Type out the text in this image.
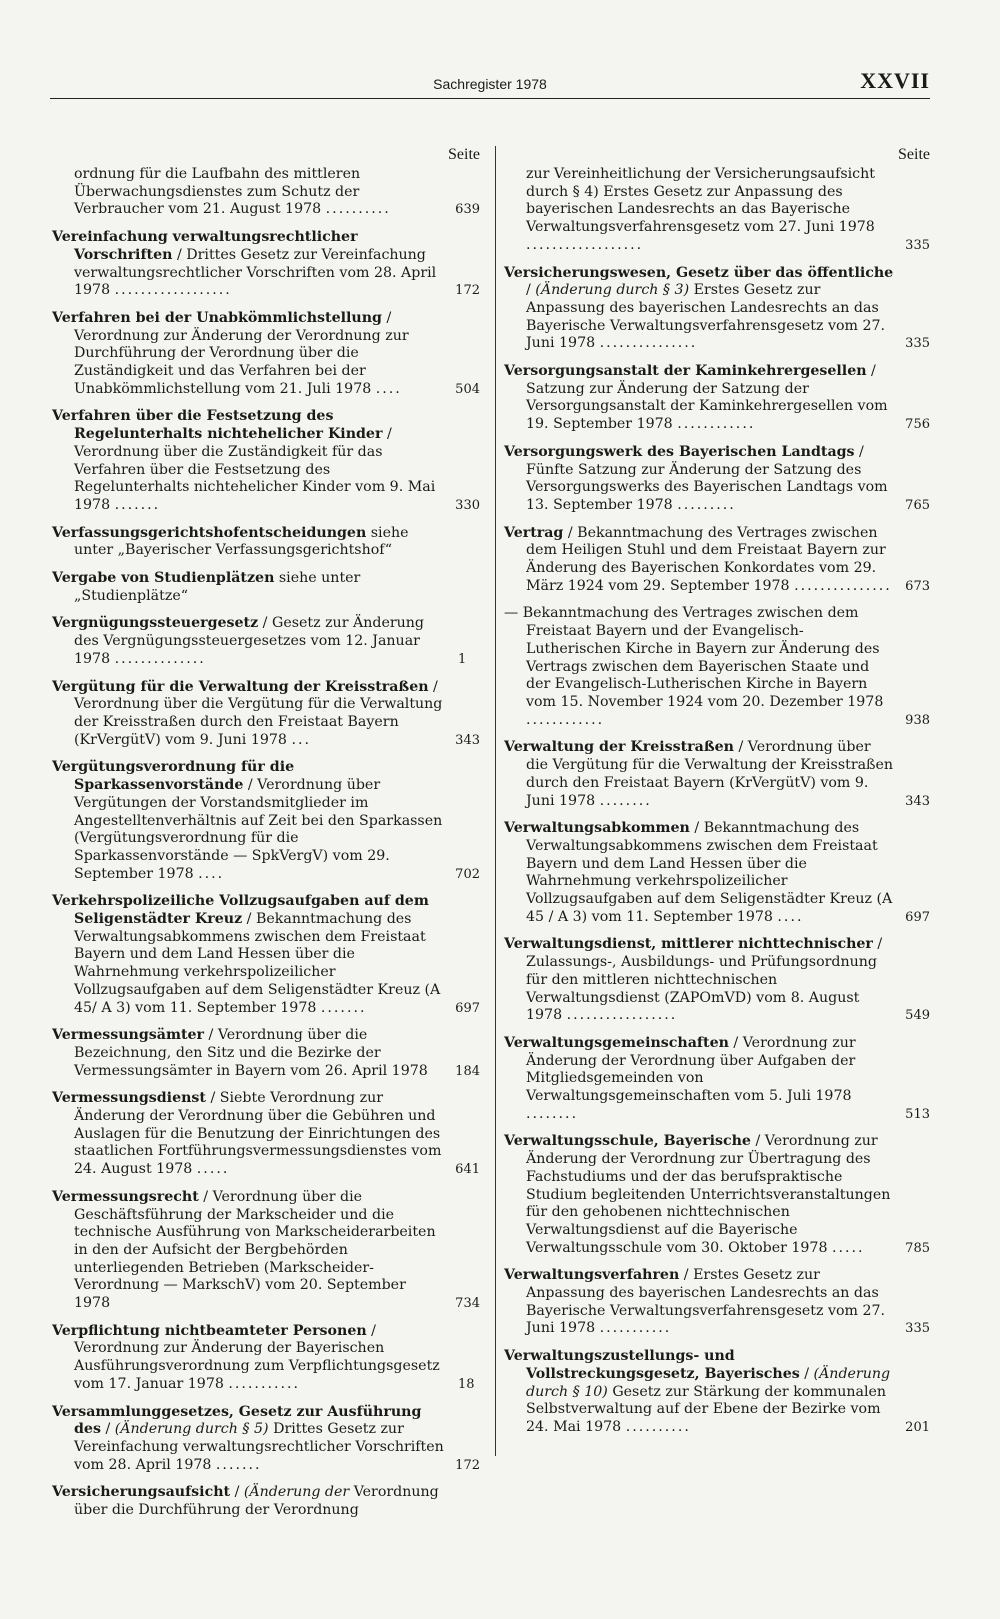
Sachregister 1978	XXVII
Seite
ordnung für die Laufbahn des mittleren Überwachungsdienstes zum Schutz der Verbraucher vom 21. August 1978 ..........	639
Vereinfachung verwaltungsrechtlicher Vorschriften / Drittes Gesetz zur Vereinfachung verwaltungsrechtlicher Vorschriften vom 28. April 1978 ..................	172
Verfahren bei der Unabkömmlichstellung / Verordnung zur Änderung der Verordnung zur Durchführung der Verordnung über die Zuständigkeit und das Verfahren bei der Unabkömmlichstellung vom 21. Juli 1978 ....	504
Verfahren über die Festsetzung des Regelunterhalts nichtehelicher Kinder / Verordnung über die Zuständigkeit für das Verfahren über die Festsetzung des Regelunterhalts nichtehelicher Kinder vom 9. Mai 1978 .......	330
Verfassungsgerichtshofentscheidungen siehe unter „Bayerischer Verfassungsgerichtshof“
Vergabe von Studienplätzen siehe unter „Studienplätze“
Vergnügungssteuergesetz / Gesetz zur Änderung des Vergnügungssteuergesetzes vom 12. Januar 1978 ..............	1
Vergütung für die Verwaltung der Kreisstraßen / Verordnung über die Vergütung für die Verwaltung der Kreisstraßen durch den Freistaat Bayern (KrVergütV) vom 9. Juni 1978 ...	343
Vergütungsverordnung für die Sparkassenvorstände / Verordnung über Vergütungen der Vorstandsmitglieder im Angestelltenverhältnis auf Zeit bei den Sparkassen (Vergütungsverordnung für die Sparkassenvorstände — SpkVergV) vom 29. September 1978 ....	702
Verkehrspolizeiliche Vollzugsaufgaben auf dem Seligenstädter Kreuz / Bekanntmachung des Verwaltungsabkommens zwischen dem Freistaat Bayern und dem Land Hessen über die Wahrnehmung verkehrspolizeilicher Vollzugsaufgaben auf dem Seligenstädter Kreuz (A 45/ A 3) vom 11. September 1978 .......	697
Vermessungsämter / Verordnung über die Bezeichnung, den Sitz und die Bezirke der Vermessungsämter in Bayern vom 26. April 1978 184
Vermessungsdienst / Siebte Verordnung zur Änderung der Verordnung über die Gebühren und Auslagen für die Benutzung der Einrichtungen des staatlichen Fortführungsvermessungsdienstes vom 24. August 1978 .....	641
Vermessungsrecht / Verordnung über die Geschäftsführung der Markscheider und die technische Ausführung von Markscheiderarbeiten in den der Aufsicht der Bergbehörden unterliegenden Betrieben (Markscheider-Verordnung — MarkschV) vom 20. September 1978	734
Verpflichtung nichtbeamteter Personen / Verordnung zur Änderung der Bayerischen Ausführungsverordnung zum Verpflichtungsgesetz vom 17. Januar 1978 ...........	18
Versammlunggesetzes, Gesetz zur Ausführung des / (Änderung durch § 5) Drittes Gesetz zur Vereinfachung verwaltungsrechtlicher Vorschriften vom 28. April 1978 .......	172
Versicherungsaufsicht / (Änderung der Verordnung über die Durchführung der Verordnung
Seite
zur Vereinheitlichung der Versicherungsaufsicht durch § 4) Erstes Gesetz zur Anpassung des bayerischen Landesrechts an das Bayerische Verwaltungsverfahrensgesetz vom 27. Juni 1978 ..................	335
Versicherungswesen, Gesetz über das öffentliche / (Änderung durch § 3) Erstes Gesetz zur Anpassung des bayerischen Landesrechts an das Bayerische Verwaltungsverfahrensgesetz vom 27. Juni 1978 ...............	335
Versorgungsanstalt der Kaminkehrergesellen / Satzung zur Änderung der Satzung der Versorgungsanstalt der Kaminkehrergesellen vom 19. September 1978 ............	756
Versorgungswerk des Bayerischen Landtags / Fünfte Satzung zur Änderung der Satzung des Versorgungswerks des Bayerischen Landtags vom 13. September 1978 .........	765
Vertrag / Bekanntmachung des Vertrages zwischen dem Heiligen Stuhl und dem Freistaat Bayern zur Änderung des Bayerischen Konkordates vom 29. März 1924 vom 29. September 1978 ............... 673
— Bekanntmachung des Vertrages zwischen dem Freistaat Bayern und der Evangelisch-Lutherischen Kirche in Bayern zur Änderung des Vertrags zwischen dem Bayerischen Staate und der Evangelisch-Lutherischen Kirche in Bayern vom 15. November 1924 vom 20. Dezember 1978 ............	938
Verwaltung der Kreisstraßen / Verordnung über die Vergütung für die Verwaltung der Kreisstraßen durch den Freistaat Bayern (KrVergütV) vom 9. Juni 1978 ........	343
Verwaltungsabkommen / Bekanntmachung des Verwaltungsabkommens zwischen dem Freistaat Bayern und dem Land Hessen über die Wahrnehmung verkehrspolizeilicher Vollzugsaufgaben auf dem Seligenstädter Kreuz (A 45 / A 3) vom 11. September 1978 ....	697
Verwaltungsdienst, mittlerer nichttechnischer / Zulassungs-, Ausbildungs- und Prüfungsordnung für den mittleren nichttechnischen Verwaltungsdienst (ZAPOmVD) vom 8. August 1978 .................	549
Verwaltungsgemeinschaften / Verordnung zur Änderung der Verordnung über Aufgaben der Mitgliedsgemeinden von Verwaltungsgemeinschaften vom 5. Juli 1978 ........	513
Verwaltungsschule, Bayerische / Verordnung zur Änderung der Verordnung zur Übertragung des Fachstudiums und der das berufspraktische Studium begleitenden Unterrichtsveranstaltungen für den gehobenen nichttechnischen Verwaltungsdienst auf die Bayerische Verwaltungsschule vom 30. Oktober 1978 .....	785
Verwaltungsverfahren / Erstes Gesetz zur Anpassung des bayerischen Landesrechts an das Bayerische Verwaltungsverfahrensgesetz vom 27. Juni 1978 ...........	335
Verwaltungszustellungs- und Vollstreckungsgesetz, Bayerisches / (Änderung durch § 10) Gesetz zur Stärkung der kommunalen Selbstverwaltung auf der Ebene der Bezirke vom 24. Mai 1978 ..........	201
